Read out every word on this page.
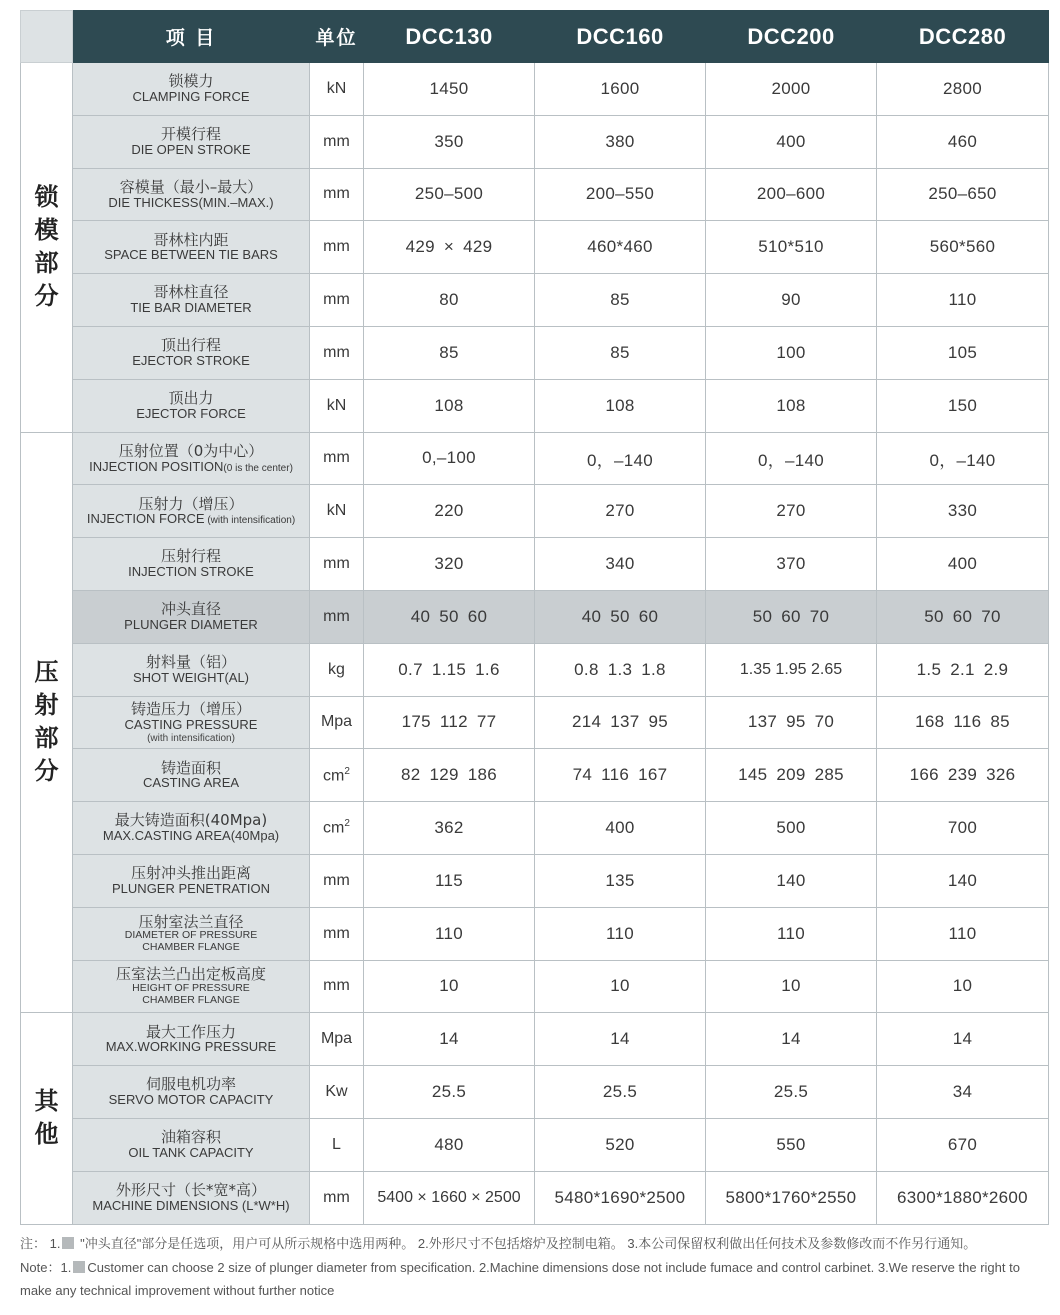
	项 目	单位	DCC130	DCC160	DCC200	DCC280

锁
模
部
分	锁模力
CLAMPING FORCE	kN	1450	1600	2000	2800

	开模行程
DIE OPEN STROKE	mm	350	380	400	460

	容模量（最小–最大）
DIE THICKESS(MIN.–MAX.)	mm	250–500	200–550	200–600	250–650

	哥林柱内距
SPACE BETWEEN TIE BARS	mm	429 × 429	460*460	510*510	560*560

	哥林柱直径
TIE BAR DIAMETER	mm	80	85	90	110

	顶出行程
EJECTOR STROKE	mm	85	85	100	105

	顶出力
EJECTOR FORCE	kN	108	108	108	150

压
射
部
分	压射位置（0为中心）
INJECTION POSITION(0 is the center)	mm	0,–100	0，–140	0，–140	0，–140

	压射力（增压）
INJECTION FORCE (with intensification)	kN	220	270	270	330

	压射行程
INJECTION STROKE	mm	320	340	370	400

	冲头直径
PLUNGER DIAMETER	mm	40 50 60	40 50 60	50 60 70	50 60 70

	射料量（铝）
SHOT WEIGHT(AL)	kg	0.7 1.15 1.6	0.8 1.3 1.8	1.35 1.95 2.65	1.5 2.1 2.9

	铸造压力（增压）
CASTING PRESSURE
(with intensification)	Mpa	175 112 77	214 137 95	137 95 70	168 116 85

	铸造面积
CASTING AREA	$cm^2$	82 129 186	74 116 167	145 209 285	166 239 326

	最大铸造面积(40Mpa)
MAX.CASTING AREA(40Mpa)	$cm^2$	362	400	500	700

	压射冲头推出距离
PLUNGER PENETRATION	mm	115	135	140	140

	压射室法兰直径
DIAMETER OF PRESSURE
CHAMBER FLANGE	mm	110	110	110	110

	压室法兰凸出定板高度
HEIGHT OF PRESSURE
CHAMBER FLANGE	mm	10	10	10	10

其
他	最大工作压力
MAX.WORKING PRESSURE	Mpa	14	14	14	14

	伺服电机功率
SERVO MOTOR CAPACITY	Kw	25.5	25.5	25.5	34

	油箱容积
OIL TANK CAPACITY	L	480	520	550	670

	外形尺寸（长*宽*高）
MACHINE DIMENSIONS (L*W*H)	mm	5400 × 1660 × 2500	5480*1690*2500	5800*1760*2550	6300*1880*2600
注： 1. "冲头直径"部分是任选项，用户可从所示规格中选用两种。 2.外形尺寸不包括熔炉及控制电箱。 3.本公司保留权利做出任何技术及参数修改而不作另行通知。
Note：1. Customer can choose 2 size of plunger diameter from specification. 2.Machine dimensions dose not include fumace and control carbinet. 3.We reserve the right to make any technical improvement without further notice
